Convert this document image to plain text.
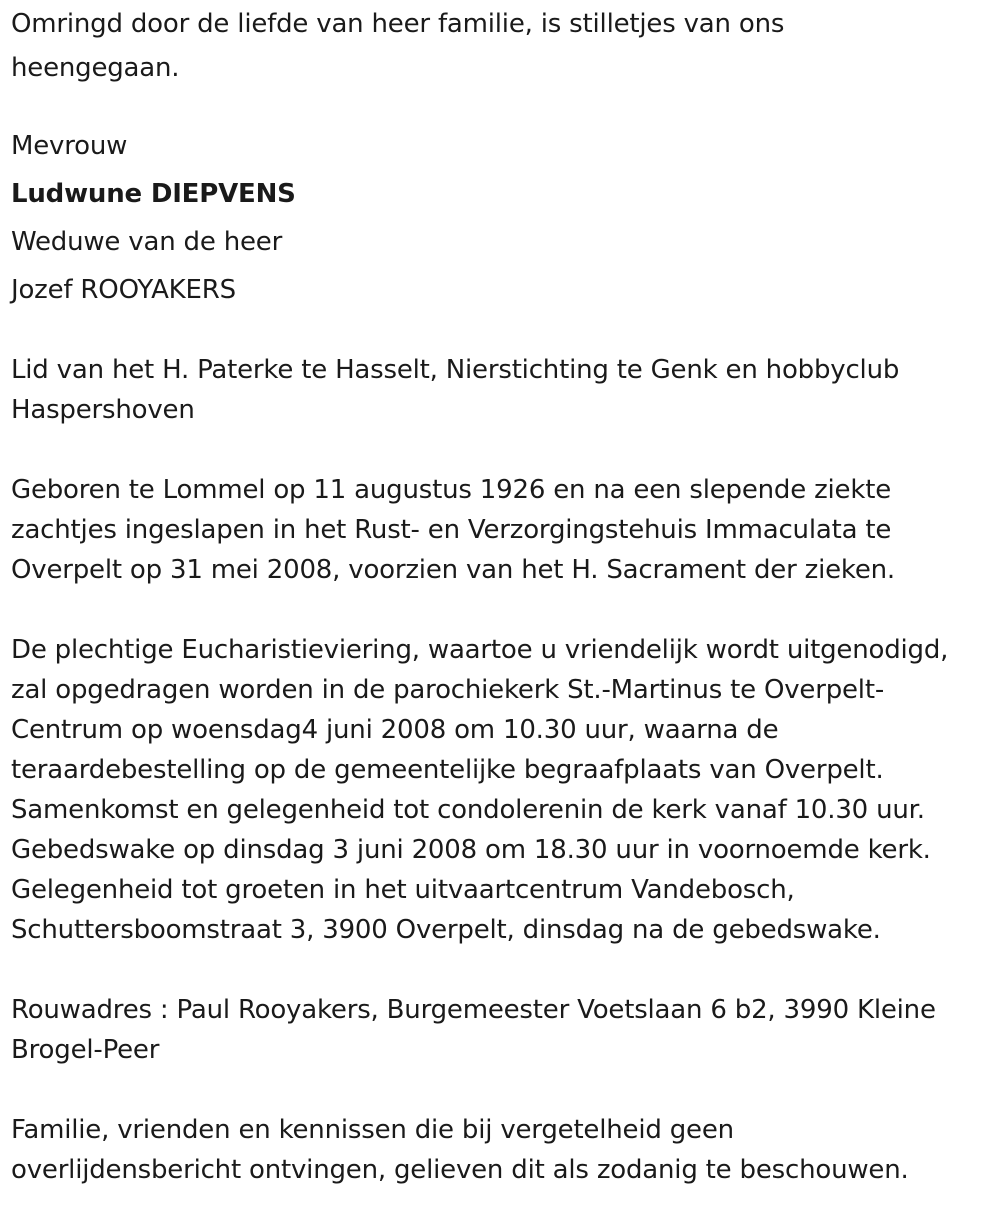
Omringd door de liefde van heer familie, is stilletjes van ons
heengegaan.
Mevrouw
Ludwune DIEPVENS
Weduwe van de heer
Jozef ROOYAKERS
Lid van het H. Paterke te Hasselt, Nierstichting te Genk en hobbyclub
Haspershoven
Geboren te Lommel op 11 augustus 1926 en na een slepende ziekte
zachtjes ingeslapen in het Rust- en Verzorgingstehuis Immaculata te
Overpelt op 31 mei 2008, voorzien van het H. Sacrament der zieken.
De plechtige Eucharistieviering, waartoe u vriendelijk wordt uitgenodigd,
zal opgedragen worden in de parochiekerk St.-Martinus te Overpelt-
Centrum op woensdag4 juni 2008 om 10.30 uur, waarna de
teraardebestelling op de gemeentelijke begraafplaats van Overpelt.
Samenkomst en gelegenheid tot condolerenin de kerk vanaf 10.30 uur.
Gebedswake op dinsdag 3 juni 2008 om 18.30 uur in voornoemde kerk.
Gelegenheid tot groeten in het uitvaartcentrum Vandebosch,
Schuttersboomstraat 3, 3900 Overpelt, dinsdag na de gebedswake.
Rouwadres : Paul Rooyakers, Burgemeester Voetslaan 6 b2, 3990 Kleine
Brogel-Peer
Familie, vrienden en kennissen die bij vergetelheid geen
overlijdensbericht ontvingen, gelieven dit als zodanig te beschouwen.
